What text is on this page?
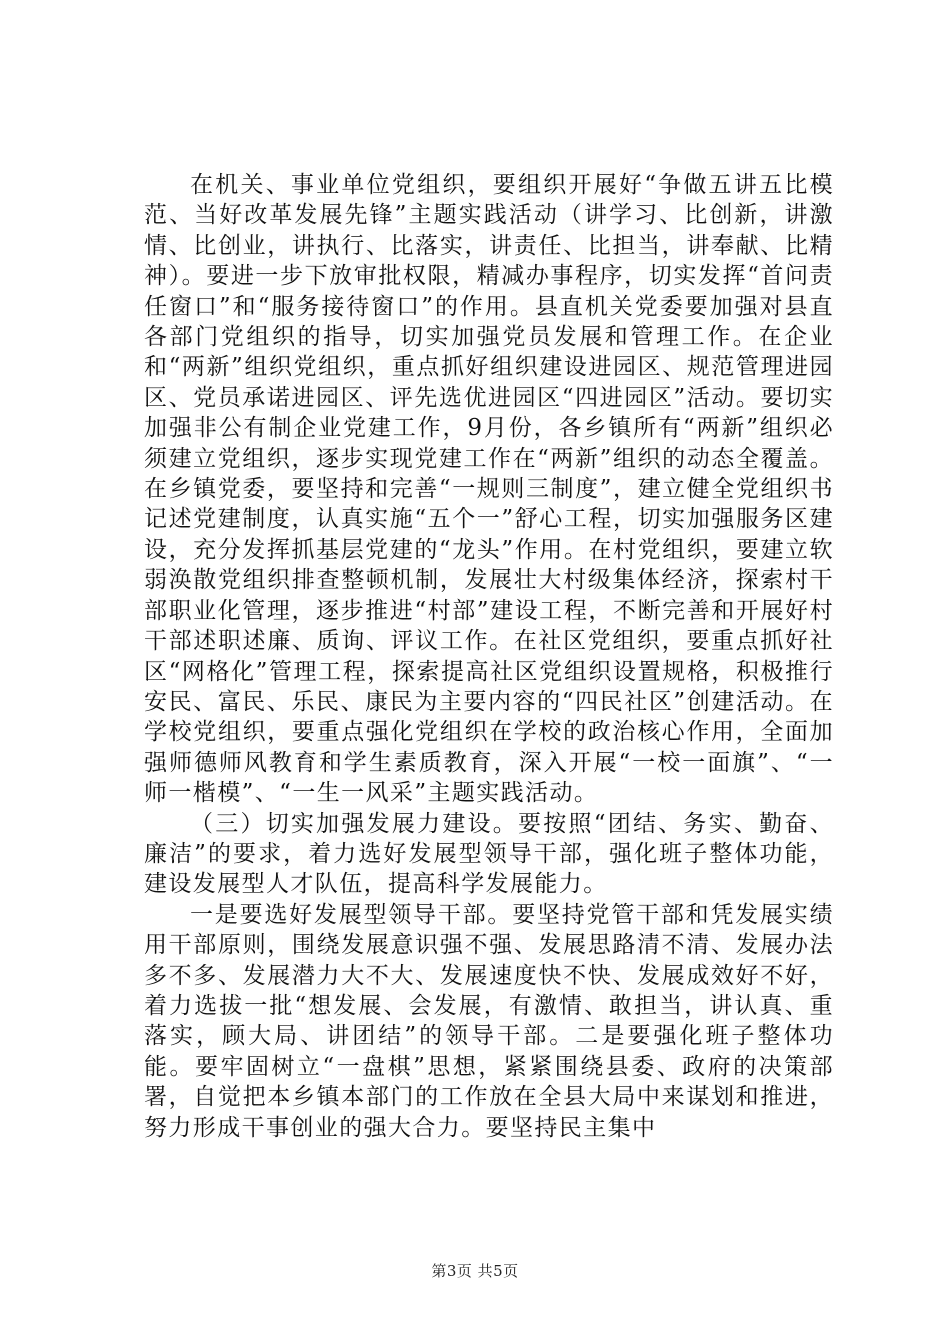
在机关、事业单位党组织，要组织开展好“争做五讲五比模范、当好改革发展先锋”主题实践活动（讲学习、比创新，讲激情、比创业，讲执行、比落实，讲责任、比担当，讲奉献、比精神）。要进一步下放审批权限，精减办事程序，切实发挥“首问责任窗口”和“服务接待窗口”的作用。县直机关党委要加强对县直各部门党组织的指导，切实加强党员发展和管理工作。在企业和“两新”组织党组织，重点抓好组织建设进园区、规范管理进园区、党员承诺进园区、评先选优进园区“四进园区”活动。要切实加强非公有制企业党建工作，9月份，各乡镇所有“两新”组织必须建立党组织，逐步实现党建工作在“两新”组织的动态全覆盖。在乡镇党委，要坚持和完善“一规则三制度”，建立健全党组织书记述党建制度，认真实施“五个一”舒心工程，切实加强服务区建设，充分发挥抓基层党建的“龙头”作用。在村党组织，要建立软弱涣散党组织排查整顿机制，发展壮大村级集体经济，探索村干部职业化管理，逐步推进“村部”建设工程，不断完善和开展好村干部述职述廉、质询、评议工作。在社区党组织，要重点抓好社区“网格化”管理工程，探索提高社区党组织设置规格，积极推行安民、富民、乐民、康民为主要内容的“四民社区”创建活动。在学校党组织，要重点强化党组织在学校的政治核心作用，全面加强师德师风教育和学生素质教育，深入开展“一校一面旗”、“一师一楷模”、“一生一风采”主题实践活动。

（三）切实加强发展力建设。要按照“团结、务实、勤奋、廉洁”的要求，着力选好发展型领导干部，强化班子整体功能，建设发展型人才队伍，提高科学发展能力。

一是要选好发展型领导干部。要坚持党管干部和凭发展实绩用干部原则，围绕发展意识强不强、发展思路清不清、发展办法多不多、发展潜力大不大、发展速度快不快、发展成效好不好，着力选拔一批“想发展、会发展，有激情、敢担当，讲认真、重落实，顾大局、讲团结”的领导干部。二是要强化班子整体功能。要牢固树立“一盘棋”思想，紧紧围绕县委、政府的决策部署，自觉把本乡镇本部门的工作放在全县大局中来谋划和推进，努力形成干事创业的强大合力。要坚持民主集中

第3页 共5页
